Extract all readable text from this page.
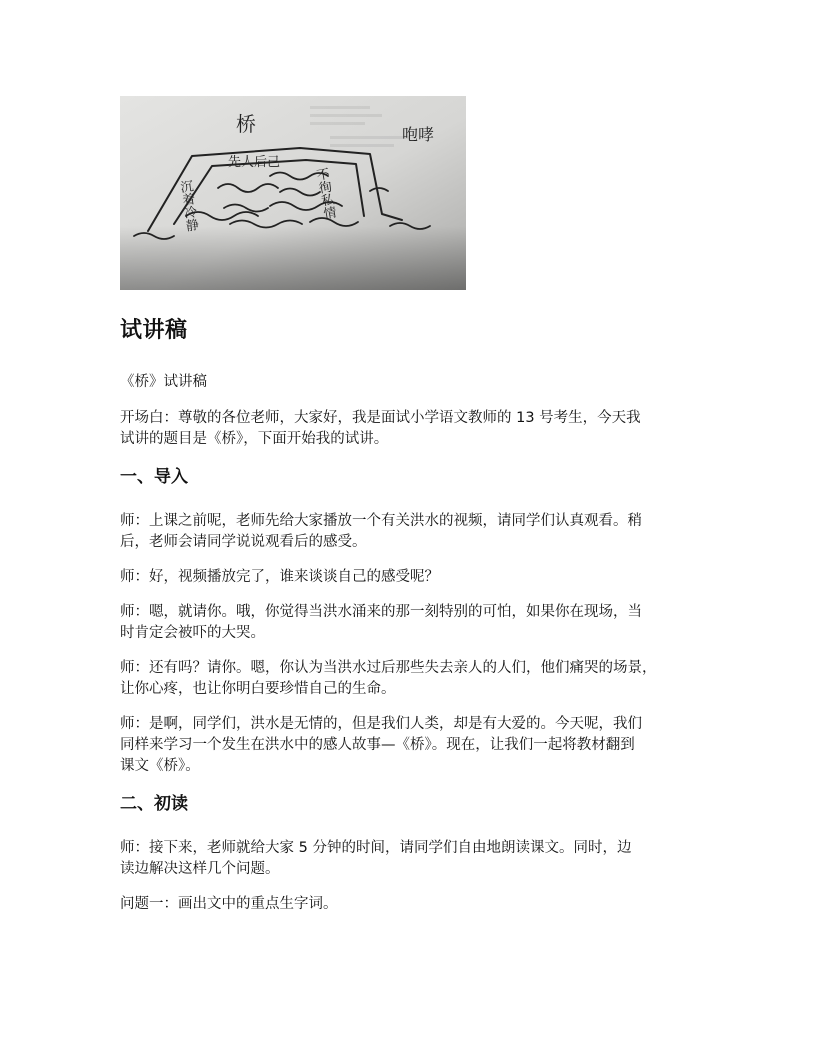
桥	咆哮
先人后己
沉着冷静	不徇私情
试讲稿
《桥》试讲稿
开场白：尊敬的各位老师，大家好，我是面试小学语文教师的 13 号考生，今天我
试讲的题目是《桥》，下面开始我的试讲。
一、导入
师：上课之前呢，老师先给大家播放一个有关洪水的视频，请同学们认真观看。稍
后，老师会请同学说说观看后的感受。
师：好，视频播放完了，谁来谈谈自己的感受呢？
师：嗯，就请你。哦，你觉得当洪水涌来的那一刻特别的可怕，如果你在现场，当
时肯定会被吓的大哭。
师：还有吗？请你。嗯，你认为当洪水过后那些失去亲人的人们，他们痛哭的场景，
让你心疼，也让你明白要珍惜自己的生命。
师：是啊，同学们，洪水是无情的，但是我们人类，却是有大爱的。今天呢，我们
同样来学习一个发生在洪水中的感人故事—《桥》。现在，让我们一起将教材翻到
课文《桥》。
二、初读
师：接下来，老师就给大家 5 分钟的时间，请同学们自由地朗读课文。同时，边
读边解决这样几个问题。
问题一：画出文中的重点生字词。
